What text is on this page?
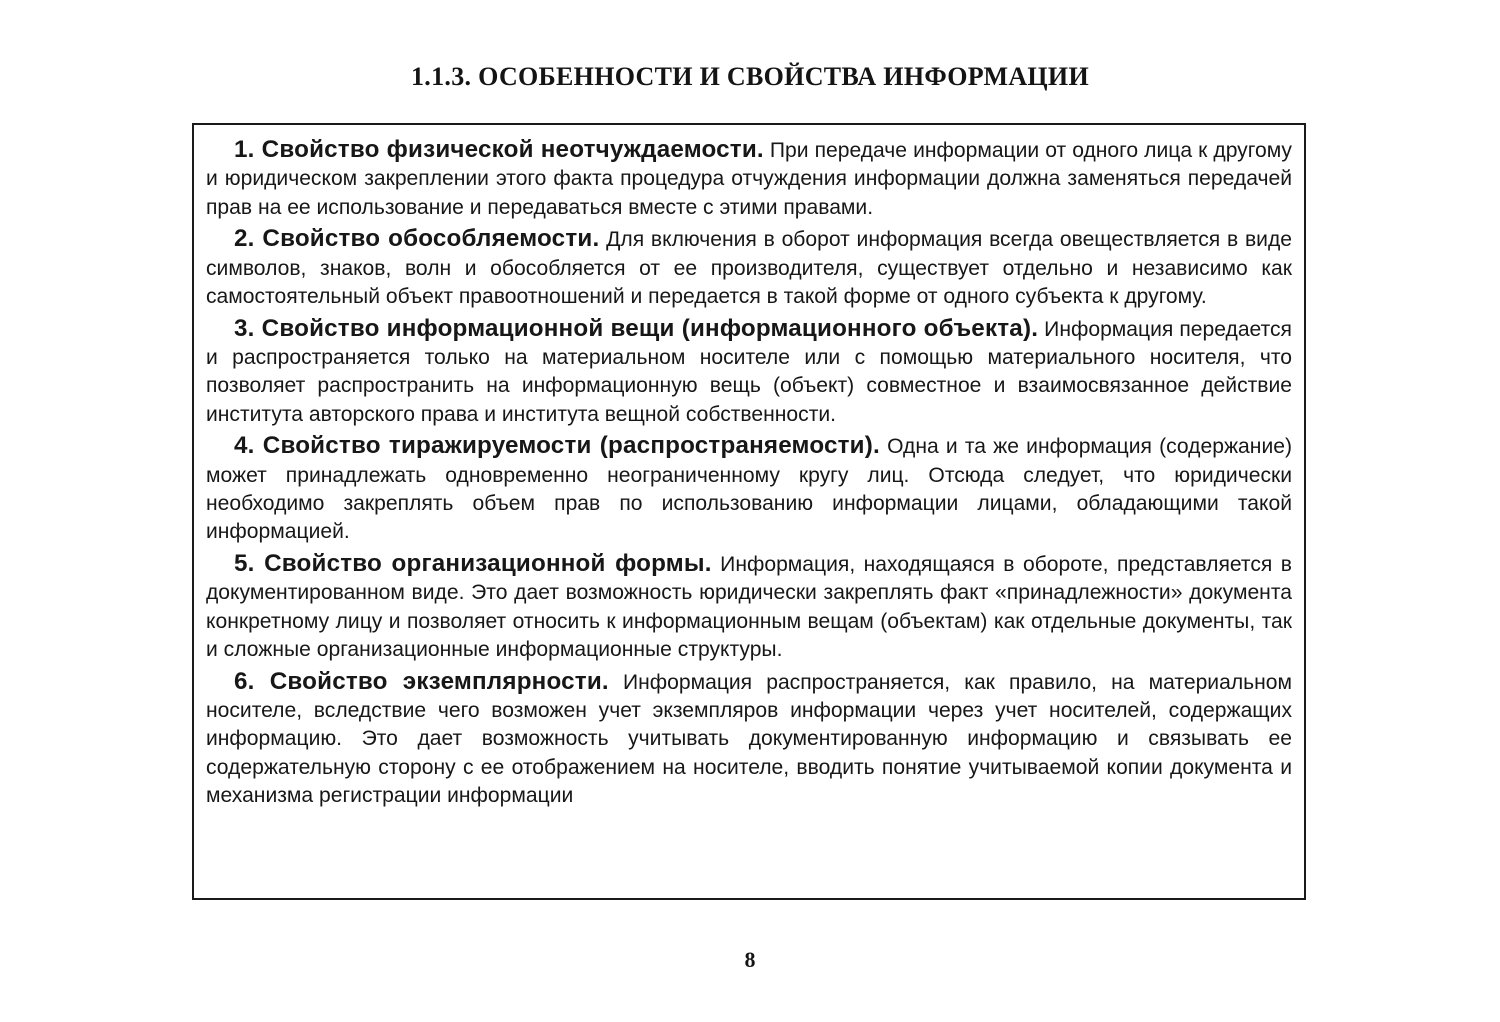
1.1.3. ОСОБЕННОСТИ И СВОЙСТВА ИНФОРМАЦИИ

1. Свойство физической неотчуждаемости. При передаче информации от одного лица к другому и юридическом закреплении этого факта процедура отчуждения информации должна заменяться передачей прав на ее использование и передаваться вместе с этими правами.

2. Свойство обособляемости. Для включения в оборот информация всегда овеществляется в виде символов, знаков, волн и обособляется от ее производителя, существует отдельно и независимо как самостоятельный объект правоотношений и передается в такой форме от одного субъекта к другому.

3. Свойство информационной вещи (информационного объекта). Информация передается и распространяется только на материальном носителе или с помощью материального носителя, что позволяет распространить на информационную вещь (объект) совместное и взаимосвязанное действие института авторского права и института вещной собственности.

4. Свойство тиражируемости (распространяемости). Одна и та же информация (содержание) может принадлежать одновременно неограниченному кругу лиц. Отсюда следует, что юридически необходимо закреплять объем прав по использованию информации лицами, обладающими такой информацией.

5. Свойство организационной формы. Информация, находящаяся в обороте, представляется в документированном виде. Это дает возможность юридически закреплять факт «принадлежности» документа конкретному лицу и позволяет относить к информационным вещам (объектам) как отдельные документы, так и сложные организационные информационные структуры.

6. Свойство экземплярности. Информация распространяется, как правило, на материальном носителе, вследствие чего возможен учет экземпляров информации через учет носителей, содержащих информацию. Это дает возможность учитывать документированную информацию и связывать ее содержательную сторону с ее отображением на носителе, вводить понятие учитываемой копии документа и механизма регистрации информации

8
